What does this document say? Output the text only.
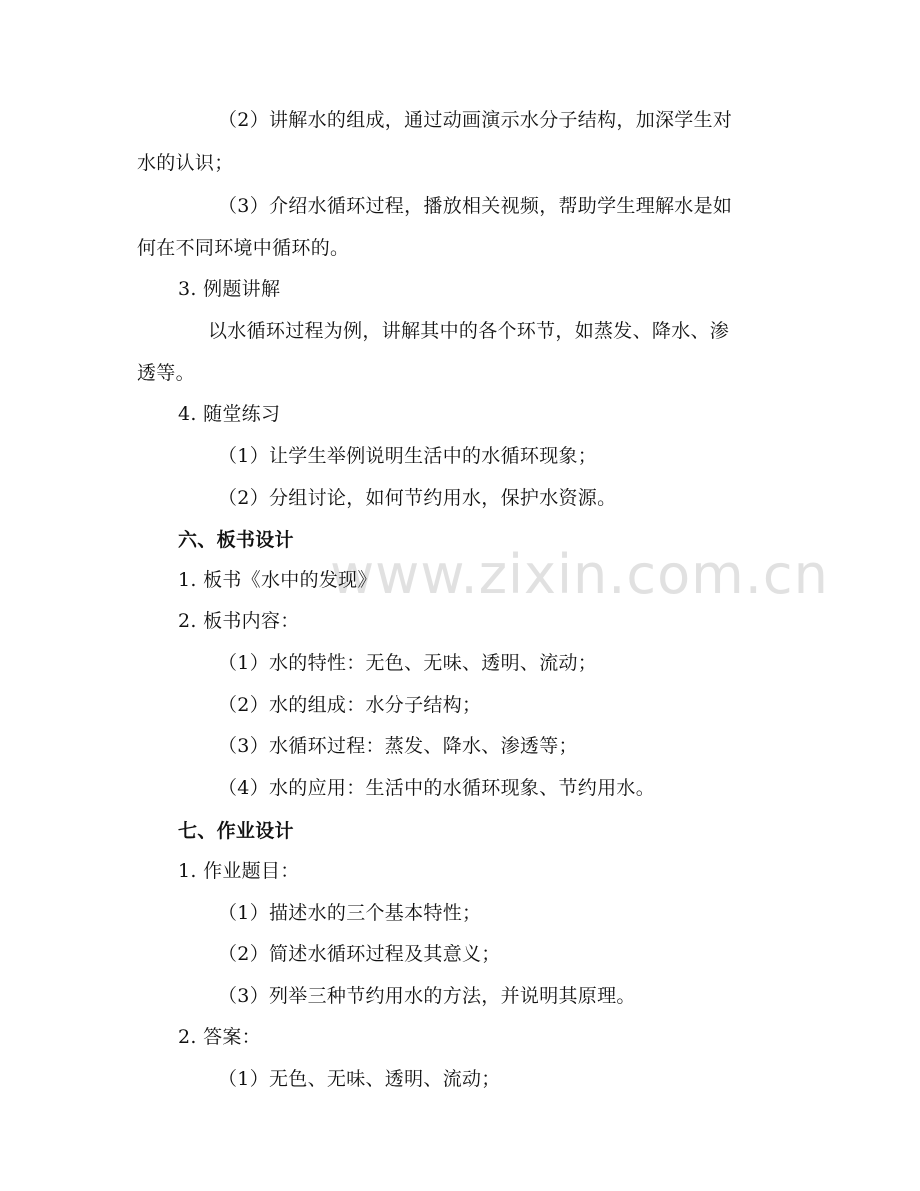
www.zixin.com.cn
（2）讲解水的组成，通过动画演示水分子结构，加深学生对
水的认识；
（3）介绍水循环过程，播放相关视频，帮助学生理解水是如
何在不同环境中循环的。
3. 例题讲解
以水循环过程为例，讲解其中的各个环节，如蒸发、降水、渗
透等。
4. 随堂练习
（1）让学生举例说明生活中的水循环现象；
（2）分组讨论，如何节约用水，保护水资源。
六、板书设计
1. 板书《水中的发现》
2. 板书内容：
（1）水的特性：无色、无味、透明、流动；
（2）水的组成：水分子结构；
（3）水循环过程：蒸发、降水、渗透等；
（4）水的应用：生活中的水循环现象、节约用水。
七、作业设计
1. 作业题目：
（1）描述水的三个基本特性；
（2）简述水循环过程及其意义；
（3）列举三种节约用水的方法，并说明其原理。
2. 答案：
（1）无色、无味、透明、流动；
